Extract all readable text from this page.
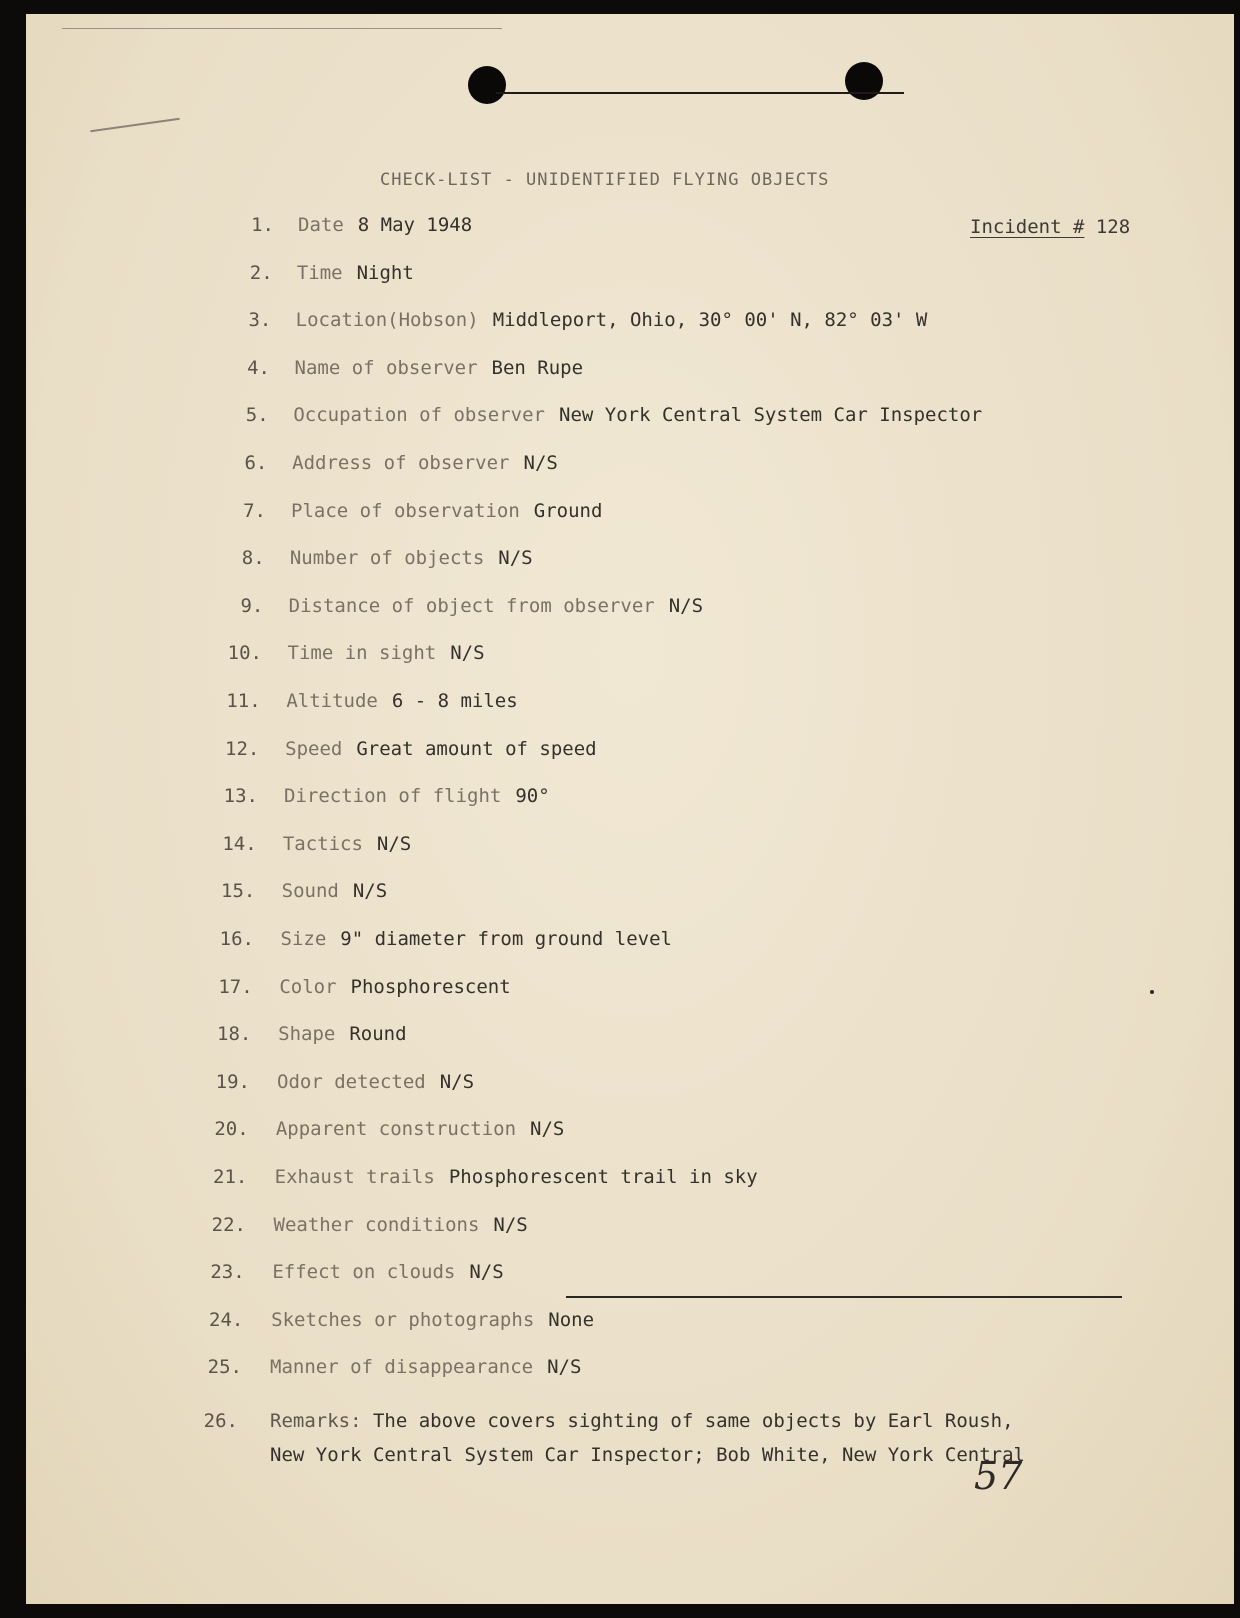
CHECK-LIST - UNIDENTIFIED FLYING OBJECTS
Incident # 128
1. Date 8 May 1948
2. Time Night
3. Location(Hobson) Middleport, Ohio, 30° 00' N, 82° 03' W
4. Name of observer Ben Rupe
5. Occupation of observer New York Central System Car Inspector
6. Address of observer N/S
7. Place of observation Ground
8. Number of objects N/S
9. Distance of object from observer N/S
10. Time in sight N/S
11. Altitude 6 - 8 miles
12. Speed Great amount of speed
13. Direction of flight 90°
14. Tactics N/S
15. Sound N/S
16. Size 9" diameter from ground level
17. Color Phosphorescent
18. Shape Round
19. Odor detected N/S
20. Apparent construction N/S
21. Exhaust trails Phosphorescent trail in sky
22. Weather conditions N/S
23. Effect on clouds N/S
24. Sketches or photographs None
25. Manner of disappearance N/S
26. Remarks: The above covers sighting of same objects by Earl Roush,
New York Central System Car Inspector; Bob White, New York Central
57
